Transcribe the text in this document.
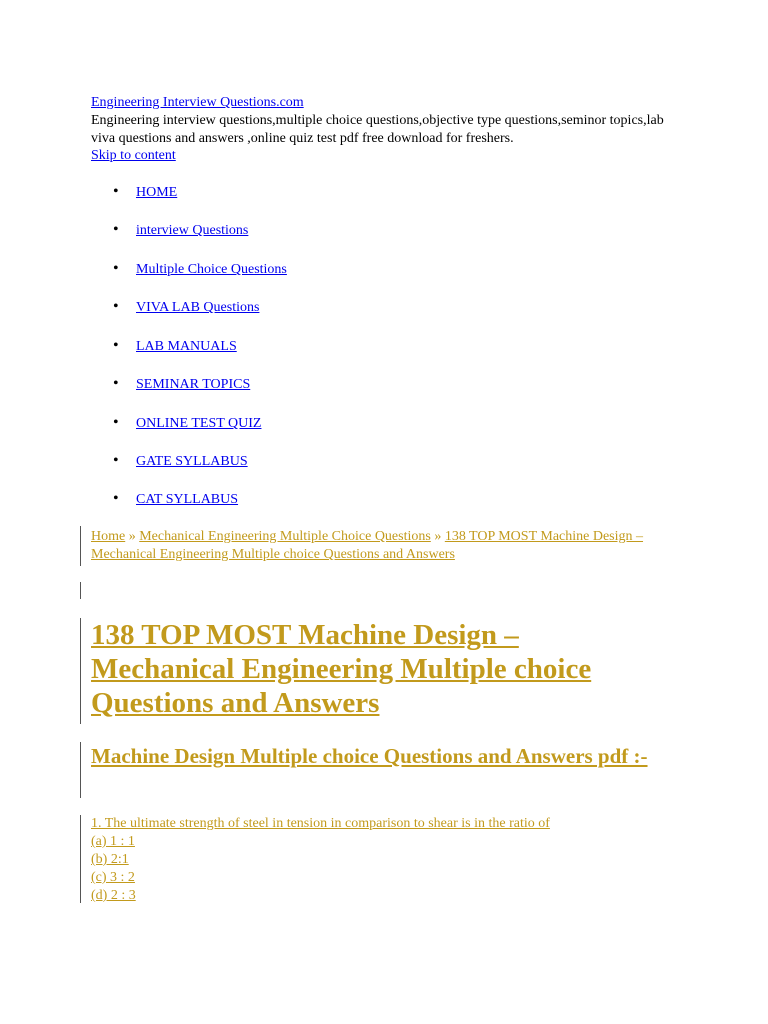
Engineering Interview Questions.com
Engineering interview questions,multiple choice questions,objective type questions,seminor topics,lab viva questions and answers ,online quiz test pdf free download for freshers.
Skip to content
• HOME
• interview Questions
• Multiple Choice Questions
• VIVA LAB Questions
• LAB MANUALS
• SEMINAR TOPICS
• ONLINE TEST QUIZ
• GATE SYLLABUS
• CAT SYLLABUS
Home » Mechanical Engineering Multiple Choice Questions » 138 TOP MOST Machine Design – Mechanical Engineering Multiple choice Questions and Answers
138 TOP MOST Machine Design – Mechanical Engineering Multiple choice Questions and Answers
Machine Design Multiple choice Questions and Answers pdf :-
1. The ultimate strength of steel in tension in comparison to shear is in the ratio of
(a) 1 : 1
(b) 2:1
(c) 3 : 2
(d) 2 : 3
